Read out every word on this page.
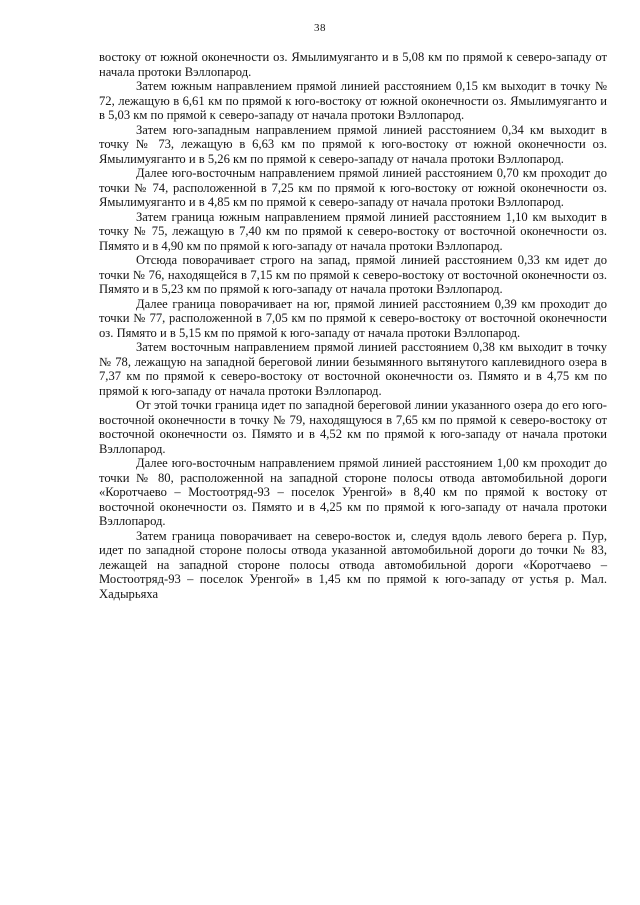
38

востоку от южной оконечности оз. Ямылимуяганто и в 5,08 км по прямой к северо-западу от начала протоки Вэллопарод.

Затем южным направлением прямой линией расстоянием 0,15 км выходит в точку № 72, лежащую в 6,61 км по прямой к юго-востоку от южной оконечности оз. Ямылимуяганто и в 5,03 км по прямой к северо-западу от начала протоки Вэллопарод.

Затем юго-западным направлением прямой линией расстоянием 0,34 км выходит в точку № 73, лежащую в 6,63 км по прямой к юго-востоку от южной оконечности оз. Ямылимуяганто и в 5,26 км по прямой к северо-западу от начала протоки Вэллопарод.

Далее юго-восточным направлением прямой линией расстоянием 0,70 км проходит до точки № 74, расположенной в 7,25 км по прямой к юго-востоку от южной оконечности оз. Ямылимуяганто и в 4,85 км по прямой к северо-западу от начала протоки Вэллопарод.

Затем граница южным направлением прямой линией расстоянием 1,10 км выходит в точку № 75, лежащую в 7,40 км по прямой к северо-востоку от восточной оконечности оз. Пямято и в 4,90 км по прямой к юго-западу от начала протоки Вэллопарод.

Отсюда поворачивает строго на запад, прямой линией расстоянием 0,33 км идет до точки № 76, находящейся в 7,15 км по прямой к северо-востоку от восточной оконечности оз. Пямято и в 5,23 км по прямой к юго-западу от начала протоки Вэллопарод.

Далее граница поворачивает на юг, прямой линией расстоянием 0,39 км проходит до точки № 77, расположенной в 7,05 км по прямой к северо-востоку от восточной оконечности оз. Пямято и в 5,15 км по прямой к юго-западу от начала протоки Вэллопарод.

Затем восточным направлением прямой линией расстоянием 0,38 км выходит в точку № 78, лежащую на западной береговой линии безымянного вытянутого каплевидного озера в 7,37 км по прямой к северо-востоку от восточной оконечности оз. Пямято и в 4,75 км по прямой к юго-западу от начала протоки Вэллопарод.

От этой точки граница идет по западной береговой линии указанного озера до его юго-восточной оконечности в точку № 79, находящуюся в 7,65 км по прямой к северо-востоку от восточной оконечности оз. Пямято и в 4,52 км по прямой к юго-западу от начала протоки Вэллопарод.

Далее юго-восточным направлением прямой линией расстоянием 1,00 км проходит до точки № 80, расположенной на западной стороне полосы отвода автомобильной дороги «Коротчаево – Мостоотряд-93 – поселок Уренгой» в 8,40 км по прямой к востоку от восточной оконечности оз. Пямято и в 4,25 км по прямой к юго-западу от начала протоки Вэллопарод.

Затем граница поворачивает на северо-восток и, следуя вдоль левого берега р. Пур, идет по западной стороне полосы отвода указанной автомобильной дороги до точки № 83, лежащей на западной стороне полосы отвода автомобильной дороги «Коротчаево – Мостоотряд-93 – поселок Уренгой» в 1,45 км по прямой к юго-западу от устья р. Мал. Хадырьяха
